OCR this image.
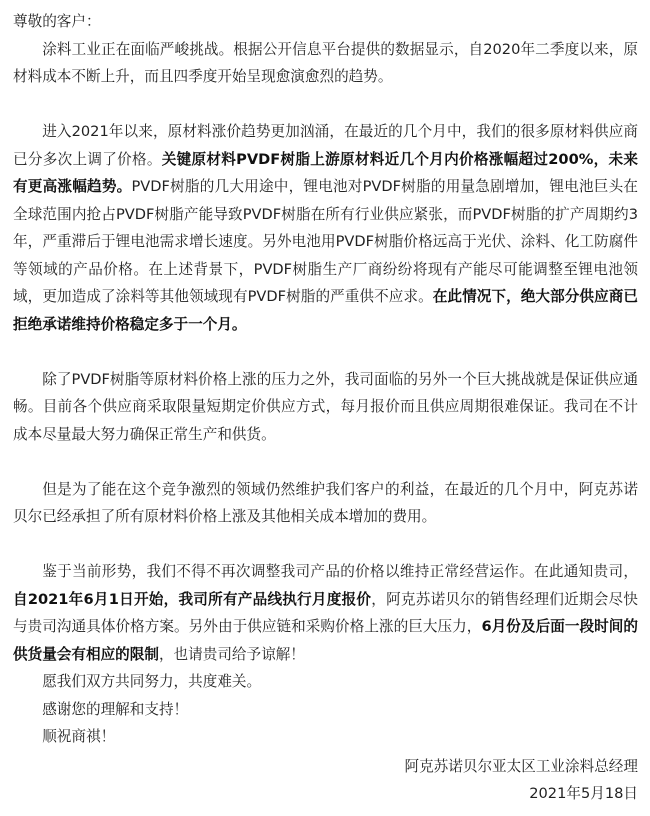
尊敬的客户：

涂料工业正在面临严峻挑战。根据公开信息平台提供的数据显示，自2020年二季度以来，原材料成本不断上升，而且四季度开始呈现愈演愈烈的趋势。

进入2021年以来，原材料涨价趋势更加汹涌，在最近的几个月中，我们的很多原材料供应商已分多次上调了价格。关键原材料PVDF树脂上游原材料近几个月内价格涨幅超过200%，未来有更高涨幅趋势。PVDF树脂的几大用途中，锂电池对PVDF树脂的用量急剧增加，锂电池巨头在全球范围内抢占PVDF树脂产能导致PVDF树脂在所有行业供应紧张，而PVDF树脂的扩产周期约3年，严重滞后于锂电池需求增长速度。另外电池用PVDF树脂价格远高于光伏、涂料、化工防腐件等领域的产品价格。在上述背景下，PVDF树脂生产厂商纷纷将现有产能尽可能调整至锂电池领域，更加造成了涂料等其他领域现有PVDF树脂的严重供不应求。在此情况下，绝大部分供应商已拒绝承诺维持价格稳定多于一个月。

除了PVDF树脂等原材料价格上涨的压力之外，我司面临的另外一个巨大挑战就是保证供应通畅。目前各个供应商采取限量短期定价供应方式，每月报价而且供应周期很难保证。我司在不计成本尽量最大努力确保正常生产和供货。

但是为了能在这个竞争激烈的领域仍然维护我们客户的利益，在最近的几个月中，阿克苏诺贝尔已经承担了所有原材料价格上涨及其他相关成本增加的费用。

鉴于当前形势，我们不得不再次调整我司产品的价格以维持正常经营运作。在此通知贵司，自2021年6月1日开始，我司所有产品线执行月度报价，阿克苏诺贝尔的销售经理们近期会尽快与贵司沟通具体价格方案。另外由于供应链和采购价格上涨的巨大压力，6月份及后面一段时间的供货量会有相应的限制，也请贵司给予谅解！

愿我们双方共同努力，共度难关。

感谢您的理解和支持！

顺祝商祺！

阿克苏诺贝尔亚太区工业涂料总经理

2021年5月18日
